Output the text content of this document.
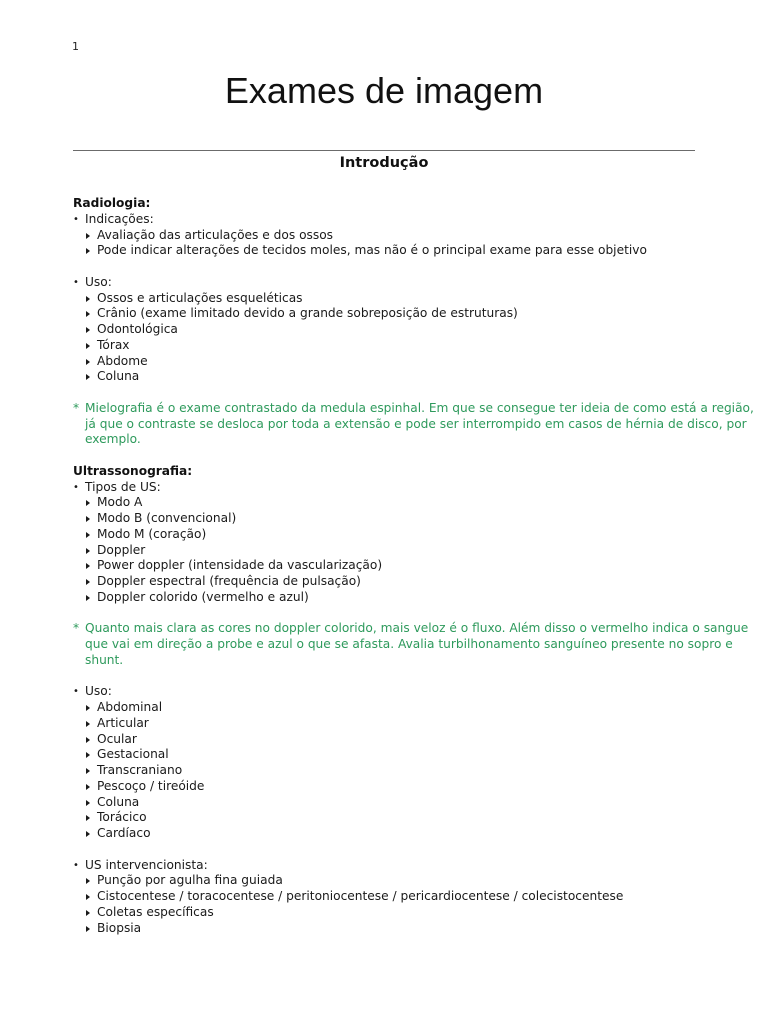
1
Exames de imagem
Introdução
Radiologia:
• Indicações:
Avaliação das articulações e dos ossos
Pode indicar alterações de tecidos moles, mas não é o principal exame para esse objetivo
• Uso:
Ossos e articulações esqueléticas
Crânio (exame limitado devido a grande sobreposição de estruturas)
Odontológica
Tórax
Abdome
Coluna
* Mielografia é o exame contrastado da medula espinhal. Em que se consegue ter ideia de como está a região,
já que o contraste se desloca por toda a extensão e pode ser interrompido em casos de hérnia de disco, por
exemplo.
Ultrassonografia:
• Tipos de US:
Modo A
Modo B (convencional)
Modo M (coração)
Doppler
Power doppler (intensidade da vascularização)
Doppler espectral (frequência de pulsação)
Doppler colorido (vermelho e azul)
* Quanto mais clara as cores no doppler colorido, mais veloz é o fluxo. Além disso o vermelho indica o sangue
que vai em direção a probe e azul o que se afasta. Avalia turbilhonamento sanguíneo presente no sopro e
shunt.
• Uso:
Abdominal
Articular
Ocular
Gestacional
Transcraniano
Pescoço / tireóide
Coluna
Torácico
Cardíaco
• US intervencionista:
Punção por agulha fina guiada
Cistocentese / toracocentese / peritoniocentese / pericardiocentese / colecistocentese
Coletas específicas
Biopsia
